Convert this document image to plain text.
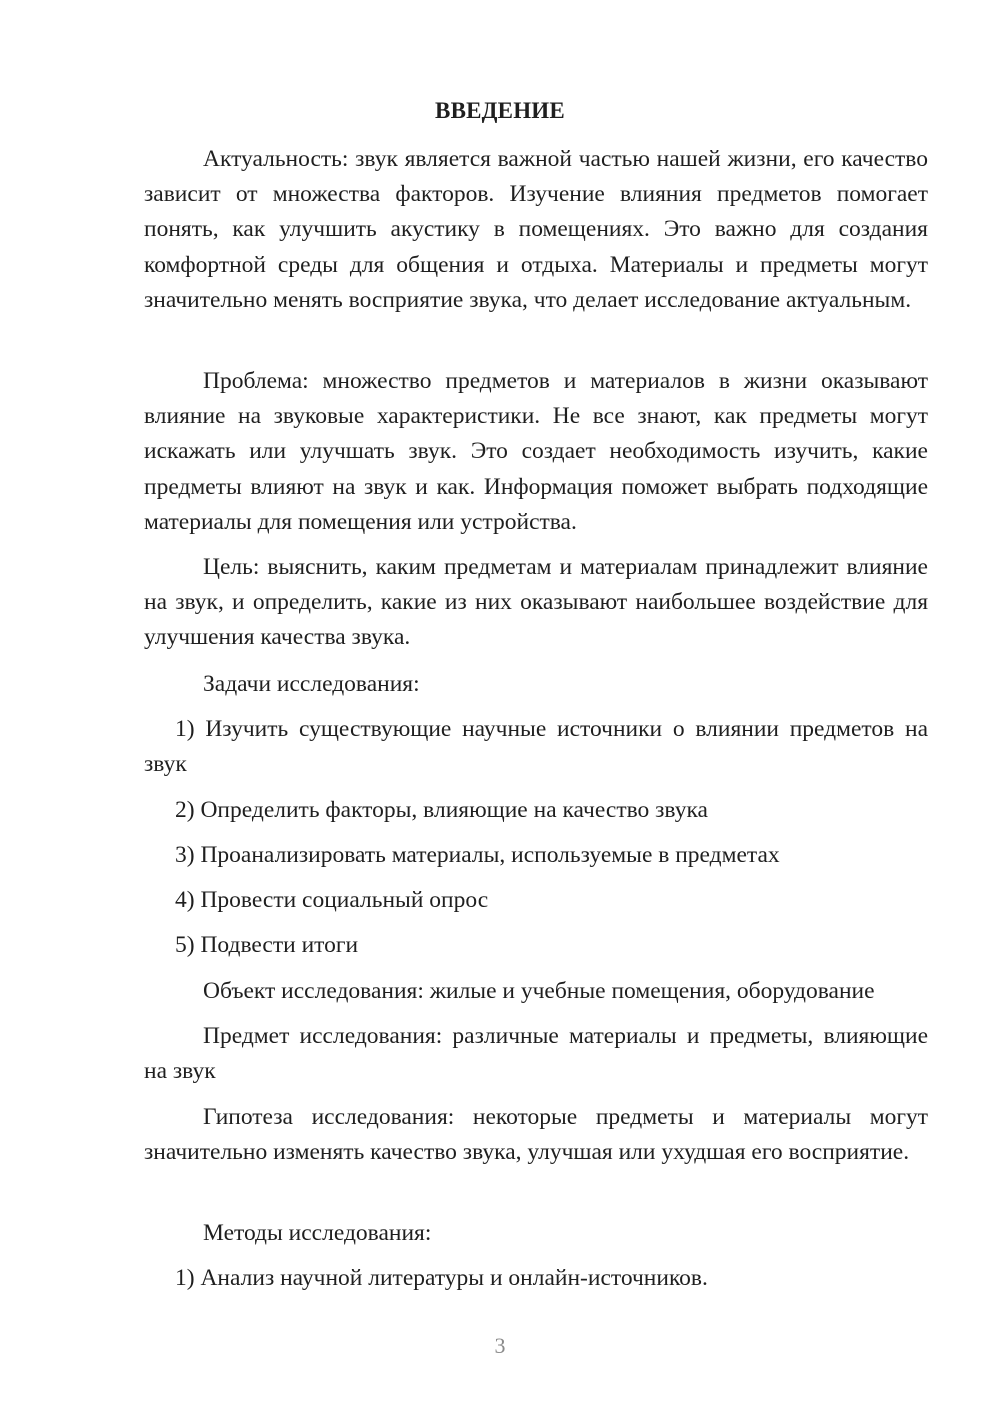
ВВЕДЕНИЕ

Актуальность: звук является важной частью нашей жизни, его качество зависит от множества факторов. Изучение влияния предметов помогает понять, как улучшить акустику в помещениях. Это важно для создания комфортной среды для общения и отдыха. Материалы и предметы могут значительно менять восприятие звука, что делает исследование актуальным.

Проблема: множество предметов и материалов в жизни оказывают влияние на звуковые характеристики. Не все знают, как предметы могут искажать или улучшать звук. Это создает необходимость изучить, какие предметы влияют на звук и как. Информация поможет выбрать подходящие материалы для помещения или устройства.

Цель: выяснить, каким предметам и материалам принадлежит влияние на звук, и определить, какие из них оказывают наибольшее воздействие для улучшения качества звука.

Задачи исследования:

1) Изучить существующие научные источники о влиянии предметов на звук

2) Определить факторы, влияющие на качество звука

3) Проанализировать материалы, используемые в предметах

4) Провести социальный опрос

5) Подвести итоги

Объект исследования: жилые и учебные помещения, оборудование

Предмет исследования: различные материалы и предметы, влияющие на звук

Гипотеза исследования: некоторые предметы и материалы могут значительно изменять качество звука, улучшая или ухудшая его восприятие.

Методы исследования:

1) Анализ научной литературы и онлайн-источников.

3
